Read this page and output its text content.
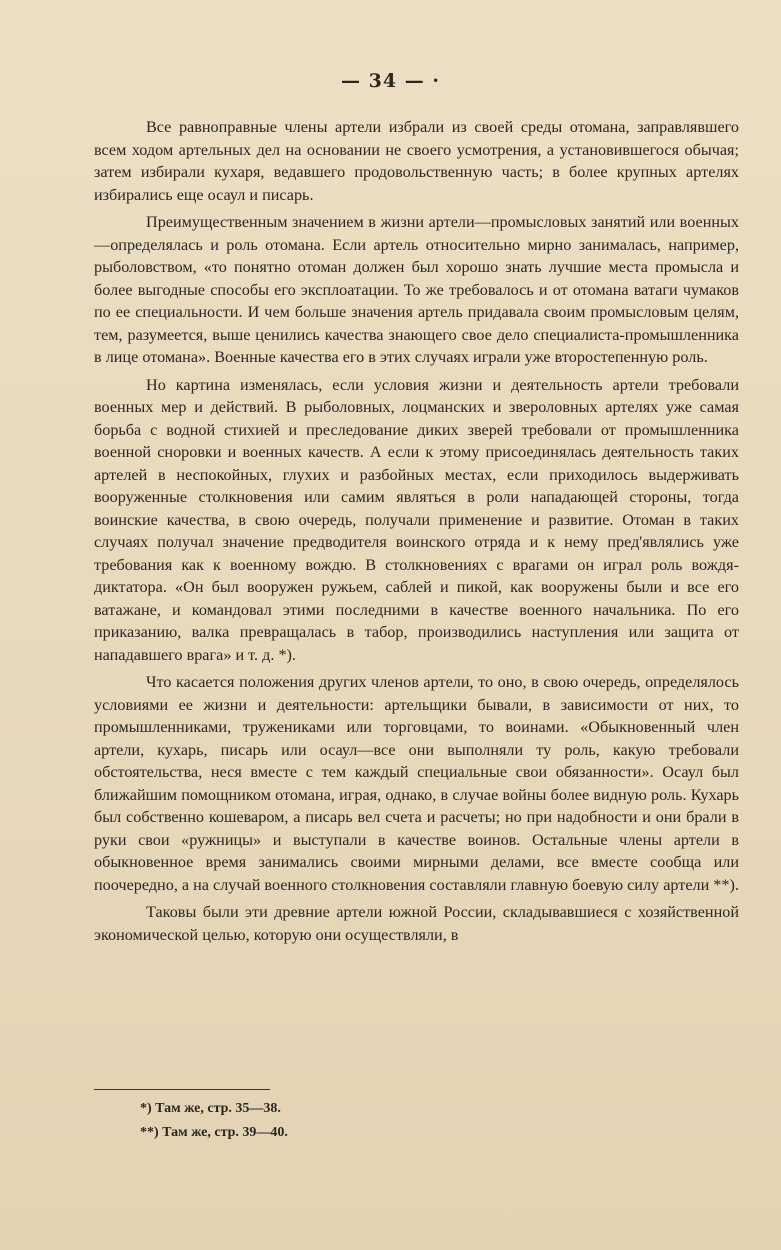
— 34 — ·

Все равноправные члены артели избрали из своей среды отомана, заправлявшего всем ходом артельных дел на основании не своего усмотрения, а установившегося обычая; затем избирали кухаря, ведавшего продовольственную часть; в более крупных артелях избирались еще осаул и писарь.

Преимущественным значением в жизни артели—промысловых занятий или военных—определялась и роль отомана. Если артель относительно мирно занималась, например, рыболовством, «то понятно отоман должен был хорошо знать лучшие места промысла и более выгодные способы его эксплоатации. То же требовалось и от отомана ватаги чумаков по ее специальности. И чем больше значения артель придавала своим промысловым целям, тем, разумеется, выше ценились качества знающего свое дело специалиста-промышленника в лице отомана». Военные качества его в этих случаях играли уже второстепенную роль.

Но картина изменялась, если условия жизни и деятельность артели требовали военных мер и действий. В рыболовных, лоцманских и звероловных артелях уже самая борьба с водной стихией и преследование диких зверей требовали от промышленника военной сноровки и военных качеств. А если к этому присоединялась деятельность таких артелей в неспокойных, глухих и разбойных местах, если приходилось выдерживать вооруженные столкновения или самим являться в роли нападающей стороны, тогда воинские качества, в свою очередь, получали применение и развитие. Отоман в таких случаях получал значение предводителя воинского отряда и к нему пред'являлись уже требования как к военному вождю. В столкновениях с врагами он играл роль вождя-диктатора. «Он был вооружен ружьем, саблей и пикой, как вооружены были и все его ватажане, и командовал этими последними в качестве военного начальника. По его приказанию, валка превращалась в табор, производились наступления или защита от нападавшего врага» и т. д. *).

Что касается положения других членов артели, то оно, в свою очередь, определялось условиями ее жизни и деятельности: артельщики бывали, в зависимости от них, то промышленниками, тружениками или торговцами, то воинами. «Обыкновенный член артели, кухарь, писарь или осаул—все они выполняли ту роль, какую требовали обстоятельства, неся вместе с тем каждый специальные свои обязанности». Осаул был ближайшим помощником отомана, играя, однако, в случае войны более видную роль. Кухарь был собственно кошеваром, а писарь вел счета и расчеты; но при надобности и они брали в руки свои «ружницы» и выступали в качестве воинов. Остальные члены артели в обыкновенное время занимались своими мирными делами, все вместе сообща или поочередно, а на случай военного столкновения составляли главную боевую силу артели **).

Таковы были эти древние артели южной России, складывавшиеся с хозяйственной экономической целью, которую они осуществляли, в

*) Там же, стр. 35—38.
**) Там же, стр. 39—40.
